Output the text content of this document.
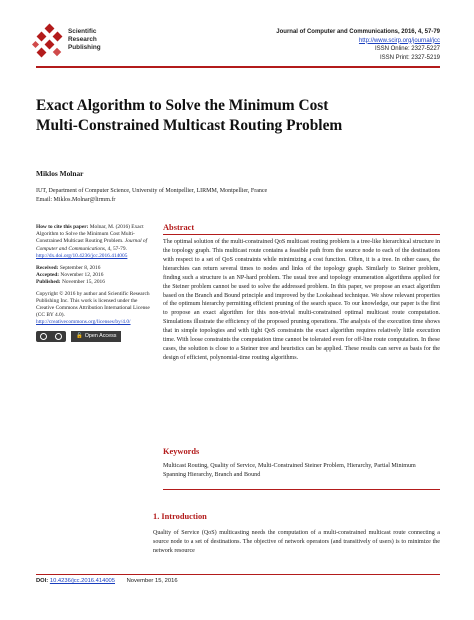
Scientific
Research
Publishing
Journal of Computer and Communications, 2016, 4, 57-79
http://www.scirp.org/journal/jcc
ISSN Online: 2327-5227
ISSN Print: 2327-5219
Exact Algorithm to Solve the Minimum Cost
Multi-Constrained Multicast Routing Problem
Miklos Molnar
IUT, Department of Computer Science, University of Montpellier, LIRMM, Montpellier, France
Email: Miklos.Molnar@lirmm.fr

How to cite this paper: Molnar, M. (2016) Exact Algorithm to Solve the Minimum Cost Multi-Constrained Multicast Routing Problem. Journal of Computer and Communications, 4, 57-79. http://dx.doi.org/10.4236/jcc.2016.414005

Received: September 8, 2016
Accepted: November 12, 2016
Published: November 15, 2016

Copyright © 2016 by author and Scientific Research Publishing Inc. This work is licensed under the Creative Commons Attribution International License (CC BY 4.0).
http://creativecommons.org/licenses/by/4.0/

🔓 Open Access
Abstract
The optimal solution of the multi-constrained QoS multicast routing problem is a tree-like hierarchical structure in the topology graph. This multicast route contains a feasible path from the source node to each of the destinations with respect to a set of QoS constraints while minimizing a cost function. Often, it is a tree. In other cases, the hierarchies can return several times to nodes and links of the topology graph. Similarly to Steiner problem, finding such a structure is an NP-hard problem. The usual tree and topology enumeration algorithms applied for the Steiner problem cannot be used to solve the addressed problem. In this paper, we propose an exact algorithm based on the Branch and Bound principle and improved by the Lookahead technique. We show relevant properties of the optimum hierarchy permitting efficient pruning of the search space. To our knowledge, our paper is the first to propose an exact algorithm for this non-trivial multi-constrained optimal multicast route computation. Simulations illustrate the efficiency of the proposed pruning operations. The analysis of the execution time shows that in simple topologies and with tight QoS constraints the exact algorithm requires relatively little execution time. With loose constraints the computation time cannot be tolerated even for off-line route computation. In these cases, the solution is close to a Steiner tree and heuristics can be applied. These results can serve as basis for the design of efficient, polynomial-time routing algorithms.
Keywords
Multicast Routing, Quality of Service, Multi-Constrained Steiner Problem, Hierarchy, Partial Minimum Spanning Hierarchy, Branch and Bound
1. Introduction
Quality of Service (QoS) multicasting needs the computation of a multi-constrained multicast route connecting a source node to a set of destinations. The objective of network operators (and transitively of users) is to minimize the network resource
DOI: 10.4236/jcc.2016.414005 November 15, 2016
